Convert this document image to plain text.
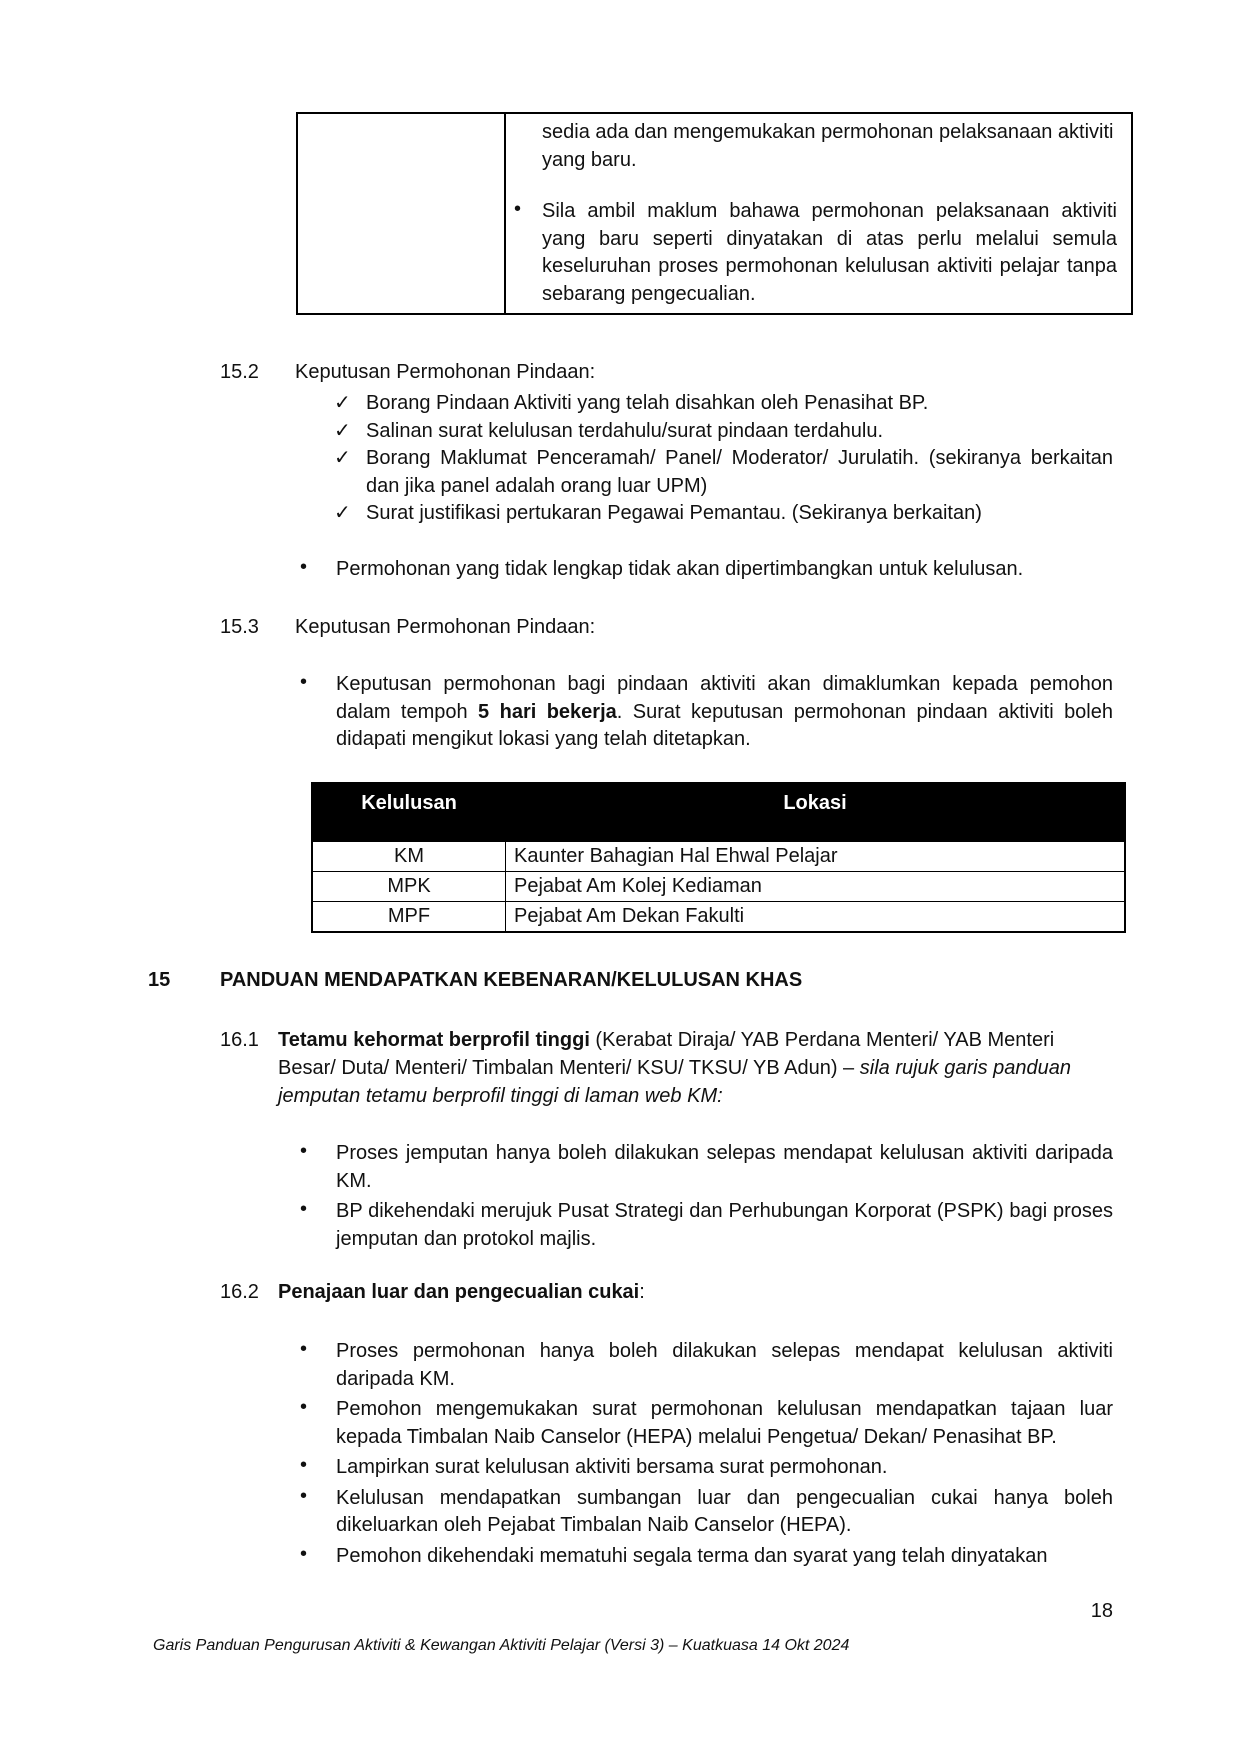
sedia ada dan mengemukakan permohonan pelaksanaan aktiviti yang baru.

•	Sila ambil maklum bahawa permohonan pelaksanaan aktiviti yang baru seperti dinyatakan di atas perlu melalui semula keseluruhan proses permohonan kelulusan aktiviti pelajar tanpa sebarang pengecualian.
15.2	Keputusan Permohonan Pindaan:
✓ Borang Pindaan Aktiviti yang telah disahkan oleh Penasihat BP.
✓ Salinan surat kelulusan terdahulu/surat pindaan terdahulu.
✓ Borang Maklumat Penceramah/ Panel/ Moderator/ Jurulatih. (sekiranya berkaitan dan jika panel adalah orang luar UPM)
✓ Surat justifikasi pertukaran Pegawai Pemantau. (Sekiranya berkaitan)
•	Permohonan yang tidak lengkap tidak akan dipertimbangkan untuk kelulusan.
15.3	Keputusan Permohonan Pindaan:
•	Keputusan permohonan bagi pindaan aktiviti akan dimaklumkan kepada pemohon dalam tempoh 5 hari bekerja. Surat keputusan permohonan pindaan aktiviti boleh didapati mengikut lokasi yang telah ditetapkan.
Kelulusan	Lokasi
KM	Kaunter Bahagian Hal Ehwal Pelajar
MPK	Pejabat Am Kolej Kediaman
MPF	Pejabat Am Dekan Fakulti
15	PANDUAN MENDAPATKAN KEBENARAN/KELULUSAN KHAS
16.1 Tetamu kehormat berprofil tinggi (Kerabat Diraja/ YAB Perdana Menteri/ YAB Menteri Besar/ Duta/ Menteri/ Timbalan Menteri/ KSU/ TKSU/ YB Adun) – sila rujuk garis panduan jemputan tetamu berprofil tinggi di laman web KM:
•	Proses jemputan hanya boleh dilakukan selepas mendapat kelulusan aktiviti daripada KM.
•	BP dikehendaki merujuk Pusat Strategi dan Perhubungan Korporat (PSPK) bagi proses jemputan dan protokol majlis.
16.2 Penajaan luar dan pengecualian cukai:
•	Proses permohonan hanya boleh dilakukan selepas mendapat kelulusan aktiviti daripada KM.
•	Pemohon mengemukakan surat permohonan kelulusan mendapatkan tajaan luar kepada Timbalan Naib Canselor (HEPA) melalui Pengetua/ Dekan/ Penasihat BP.
•	Lampirkan surat kelulusan aktiviti bersama surat permohonan.
•	Kelulusan mendapatkan sumbangan luar dan pengecualian cukai hanya boleh dikeluarkan oleh Pejabat Timbalan Naib Canselor (HEPA).
•	Pemohon dikehendaki mematuhi segala terma dan syarat yang telah dinyatakan
18
Garis Panduan Pengurusan Aktiviti & Kewangan Aktiviti Pelajar (Versi 3) – Kuatkuasa 14 Okt 2024
